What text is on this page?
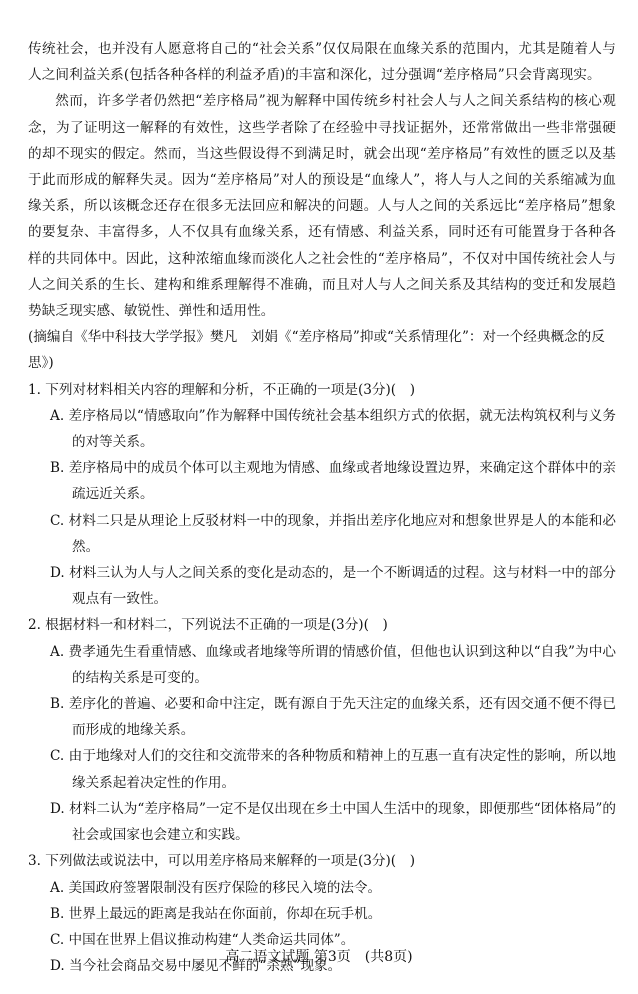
传统社会，也并没有人愿意将自己的“社会关系”仅仅局限在血缘关系的范围内，尤其是随着人与人之间利益关系(包括各种各样的利益矛盾)的丰富和深化，过分强调“差序格局”只会背离现实。

然而，许多学者仍然把“差序格局”视为解释中国传统乡村社会人与人之间关系结构的核心观念，为了证明这一解释的有效性，这些学者除了在经验中寻找证据外，还常常做出一些非常强硬的却不现实的假定。然而，当这些假设得不到满足时，就会出现“差序格局”有效性的匮乏以及基于此而形成的解释失灵。因为“差序格局”对人的预设是“血缘人”，将人与人之间的关系缩减为血缘关系，所以该概念还存在很多无法回应和解决的问题。人与人之间的关系远比“差序格局”想象的要复杂、丰富得多，人不仅具有血缘关系，还有情感、利益关系，同时还有可能置身于各种各样的共同体中。因此，这种浓缩血缘而淡化人之社会性的“差序格局”，不仅对中国传统社会人与人之间关系的生长、建构和维系理解得不准确，而且对人与人之间关系及其结构的变迁和发展趋势缺乏现实感、敏锐性、弹性和适用性。

(摘编自《华中科技大学学报》樊凡　刘娟《“差序格局”抑或“关系情理化”：对一个经典概念的反思》)

1. 下列对材料相关内容的理解和分析，不正确的一项是(3分)(　)

A. 差序格局以“情感取向”作为解释中国传统社会基本组织方式的依据，就无法构筑权利与义务的对等关系。

B. 差序格局中的成员个体可以主观地为情感、血缘或者地缘设置边界，来确定这个群体中的亲疏远近关系。

C. 材料二只是从理论上反驳材料一中的现象，并指出差序化地应对和想象世界是人的本能和必然。

D. 材料三认为人与人之间关系的变化是动态的，是一个不断调适的过程。这与材料一中的部分观点有一致性。

2. 根据材料一和材料二，下列说法不正确的一项是(3分)(　)

A. 费孝通先生看重情感、血缘或者地缘等所谓的情感价值，但他也认识到这种以“自我”为中心的结构关系是可变的。

B. 差序化的普遍、必要和命中注定，既有源自于先天注定的血缘关系，还有因交通不便不得已而形成的地缘关系。

C. 由于地缘对人们的交往和交流带来的各种物质和精神上的互惠一直有决定性的影响，所以地缘关系起着决定性的作用。

D. 材料二认为“差序格局”一定不是仅出现在乡土中国人生活中的现象，即便那些“团体格局”的社会或国家也会建立和实践。

3. 下列做法或说法中，可以用差序格局来解释的一项是(3分)(　)

A. 美国政府签署限制没有医疗保险的移民入境的法令。

B. 世界上最远的距离是我站在你面前，你却在玩手机。

C. 中国在世界上倡议推动构建“人类命运共同体”。

D. 当今社会商品交易中屡见不鲜的“杀熟”现象。

高二语文试题 第3页　(共8页)
